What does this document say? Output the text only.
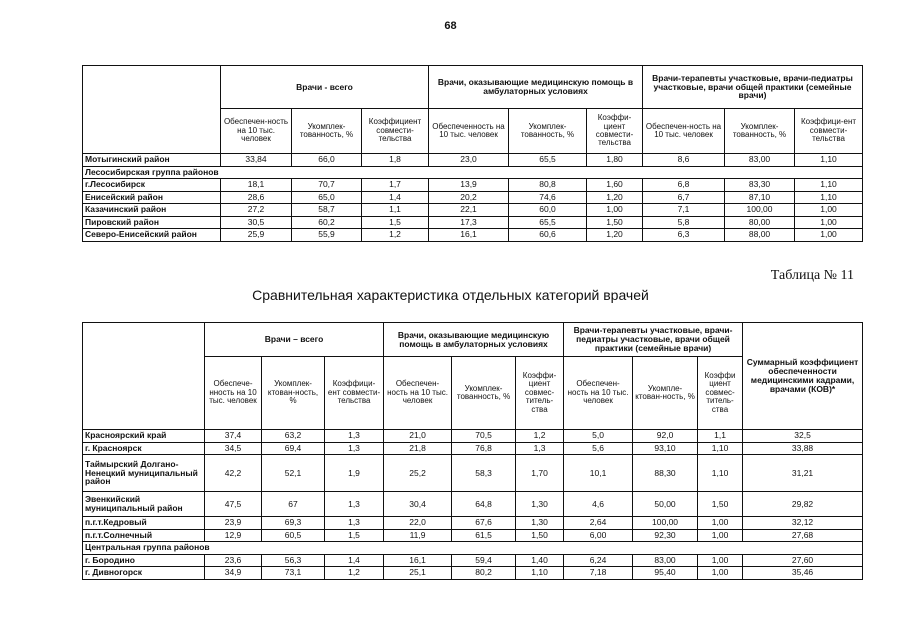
68
	Врачи - всего			Врачи, оказывающие медицинскую помощь в амбулаторных условиях			Врачи-терапевты участковые, врачи-педиатры участковые, врачи общей практики (семейные врачи)		
	Обеспечен-ность на 10 тыс. человек	Укомплек-тованность, %	Коэффициент совмести-тельства	Обеспеченность на 10 тыс. человек	Укомплек-тованность, %	Коэффи-циент совмести-тельства	Обеспечен-ность на 10 тыс. человек	Укомплек-тованность, %	Коэффици-ент совмести-тельства
Мотыгинский район	33,84	66,0	1,8	23,0	65,5	1,80	8,6	83,00	1,10
Лесосибирская группа районов									
г.Лесосибирск	18,1	70,7	1,7	13,9	80,8	1,60	6,8	83,30	1,10
Енисейский район	28,6	65,0	1,4	20,2	74,6	1,20	6,7	87,10	1,10
Казачинский район	27,2	58,7	1,1	22,1	60,0	1,00	7,1	100,00	1,00
Пировский район	30,5	60,2	1,5	17,3	65,5	1,50	5,8	80,00	1,00
Северо-Енисейский район	25,9	55,9	1,2	16,1	60,6	1,20	6,3	88,00	1,00
Таблица № 11
Сравнительная характеристика отдельных категорий врачей
	Врачи – всего			Врачи, оказывающие медицинскую помощь в амбулаторных условиях			Врачи-терапевты участковые, врачи-педиатры участковые, врачи общей практики (семейные врачи)			Суммарный коэффициент обеспеченности медицинскими кадрами, врачами (КОВ)*
	Обеспече-нность на 10 тыс. человек	Укомплек-ктован-ность, %	Коэффици-ент совмести-тельства	Обеспечен-ность на 10 тыс. человек	Укомплек-тованность, %	Коэффи-циент совмес-титель-ства	Обеспечен-ность на 10 тыс. человек	Укомпле-ктован-ность, %	Коэффи циент совмес-титель-ства	
Красноярский край	37,4	63,2	1,3	21,0	70,5	1,2	5,0	92,0	1,1	32,5
г. Красноярск	34,5	69,4	1,3	21,8	76,8	1,3	5,6	93,10	1,10	33,88
Таймырский Долгано-Ненецкий муниципальный район	42,2	52,1	1,9	25,2	58,3	1,70	10,1	88,30	1,10	31,21
Эвенкийский муниципальный район	47,5	67	1,3	30,4	64,8	1,30	4,6	50,00	1,50	29,82
п.г.т.Кедровый	23,9	69,3	1,3	22,0	67,6	1,30	2,64	100,00	1,00	32,12
п.г.т.Солнечный	12,9	60,5	1,5	11,9	61,5	1,50	6,00	92,30	1,00	27,68
Центральная группа районов										
г. Бородино	23,6	56,3	1,4	16,1	59,4	1,40	6,24	83,00	1,00	27,60
г. Дивногорск	34,9	73,1	1,2	25,1	80,2	1,10	7,18	95,40	1,00	35,46
